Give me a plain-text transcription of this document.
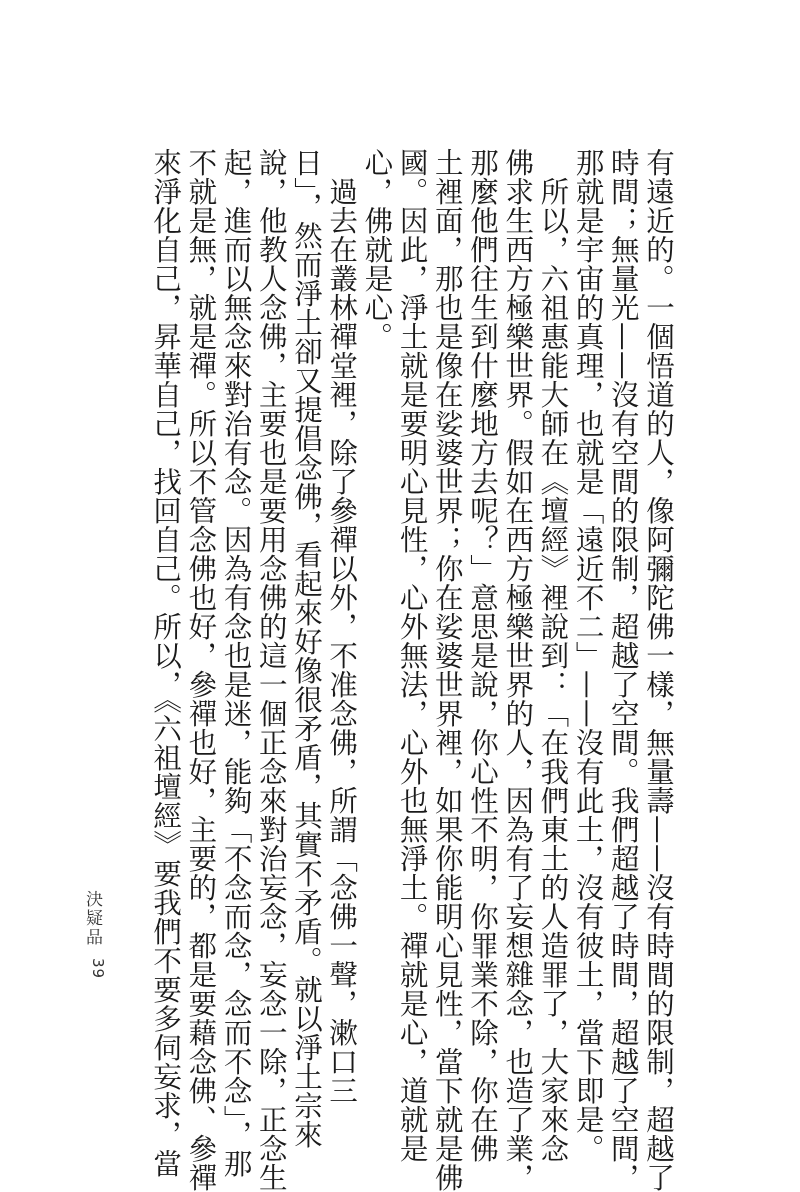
有遠近的。一個悟道的人，像阿彌陀佛一樣，無量壽——沒有時間的限制，超越了
時間；無量光——沒有空間的限制，超越了空間。我們超越了時間，超越了空間，
那就是宇宙的真理，也就是「遠近不二」——沒有此土，沒有彼土，當下即是。
　所以，六祖惠能大師在《壇經》裡說到：「在我們東土的人造罪了，大家來念
佛求生西方極樂世界。假如在西方極樂世界的人，因為有了妄想雜念，也造了業，
那麼他們往生到什麼地方去呢？」意思是說，你心性不明，你罪業不除，你在佛
土裡面，那也是像在娑婆世界；你在娑婆世界裡，如果你能明心見性，當下就是佛
國。因此，淨土就是要明心見性，心外無法，心外也無淨土。禪就是心，道就是
心，佛就是心。
　過去在叢林禪堂裡，除了參禪以外，不准念佛，所謂「念佛一聲，漱口三
日」，然而淨土卻又提倡念佛，看起來好像很矛盾，其實不矛盾。就以淨土宗來
說，他教人念佛，主要也是要用念佛的這一個正念來對治妄念，妄念一除，正念生
起，進而以無念來對治有念。因為有念也是迷，能夠「不念而念，念而不念」，那
不就是無，就是禪。所以不管念佛也好，參禪也好，主要的，都是要藉念佛、參禪
來淨化自己，昇華自己，找回自己。所以，《六祖壇經》要我們不要多伺妄求，當
決疑品
39
